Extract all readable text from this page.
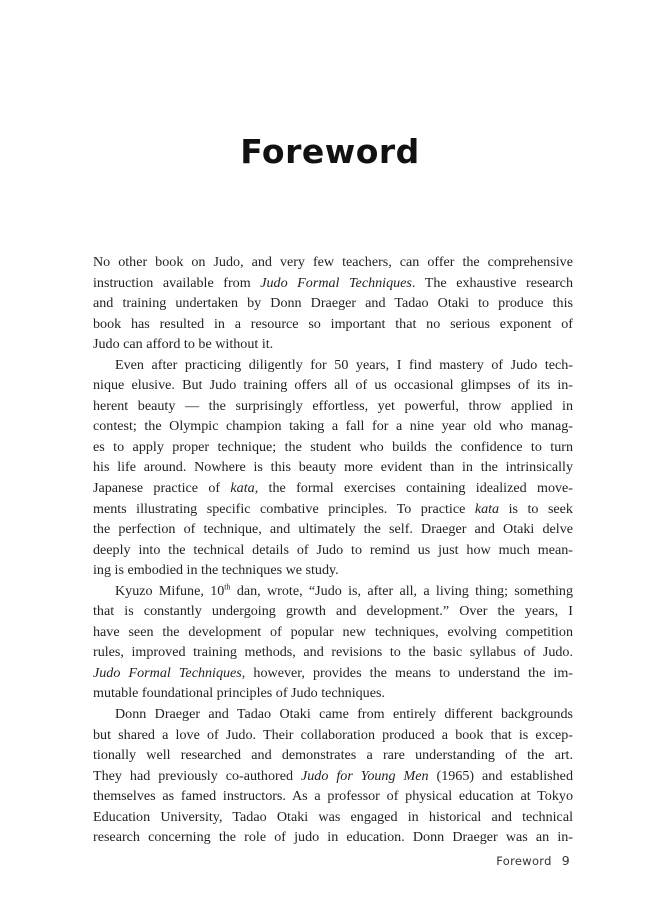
Foreword

No other book on Judo, and very few teachers, can offer the comprehensive
instruction available from Judo Formal Techniques. The exhaustive research
and training undertaken by Donn Draeger and Tadao Otaki to produce this
book has resulted in a resource so important that no serious exponent of
Judo can afford to be without it.

Even after practicing diligently for 50 years, I find mastery of Judo tech-
nique elusive. But Judo training offers all of us occasional glimpses of its in-
herent beauty — the surprisingly effortless, yet powerful, throw applied in
contest; the Olympic champion taking a fall for a nine year old who manag-
es to apply proper technique; the student who builds the confidence to turn
his life around. Nowhere is this beauty more evident than in the intrinsically
Japanese practice of kata, the formal exercises containing idealized move-
ments illustrating specific combative principles. To practice kata is to seek
the perfection of technique, and ultimately the self. Draeger and Otaki delve
deeply into the technical details of Judo to remind us just how much mean-
ing is embodied in the techniques we study.

Kyuzo Mifune, 10th dan, wrote, “Judo is, after all, a living thing; something
that is constantly undergoing growth and development.” Over the years, I
have seen the development of popular new techniques, evolving competition
rules, improved training methods, and revisions to the basic syllabus of Judo.
Judo Formal Techniques, however, provides the means to understand the im-
mutable foundational principles of Judo techniques.

Donn Draeger and Tadao Otaki came from entirely different backgrounds
but shared a love of Judo. Their collaboration produced a book that is excep-
tionally well researched and demonstrates a rare understanding of the art.
They had previously co-authored Judo for Young Men (1965) and established
themselves as famed instructors. As a professor of physical education at Tokyo
Education University, Tadao Otaki was engaged in historical and technical
research concerning the role of judo in education. Donn Draeger was an in-

Foreword 9
